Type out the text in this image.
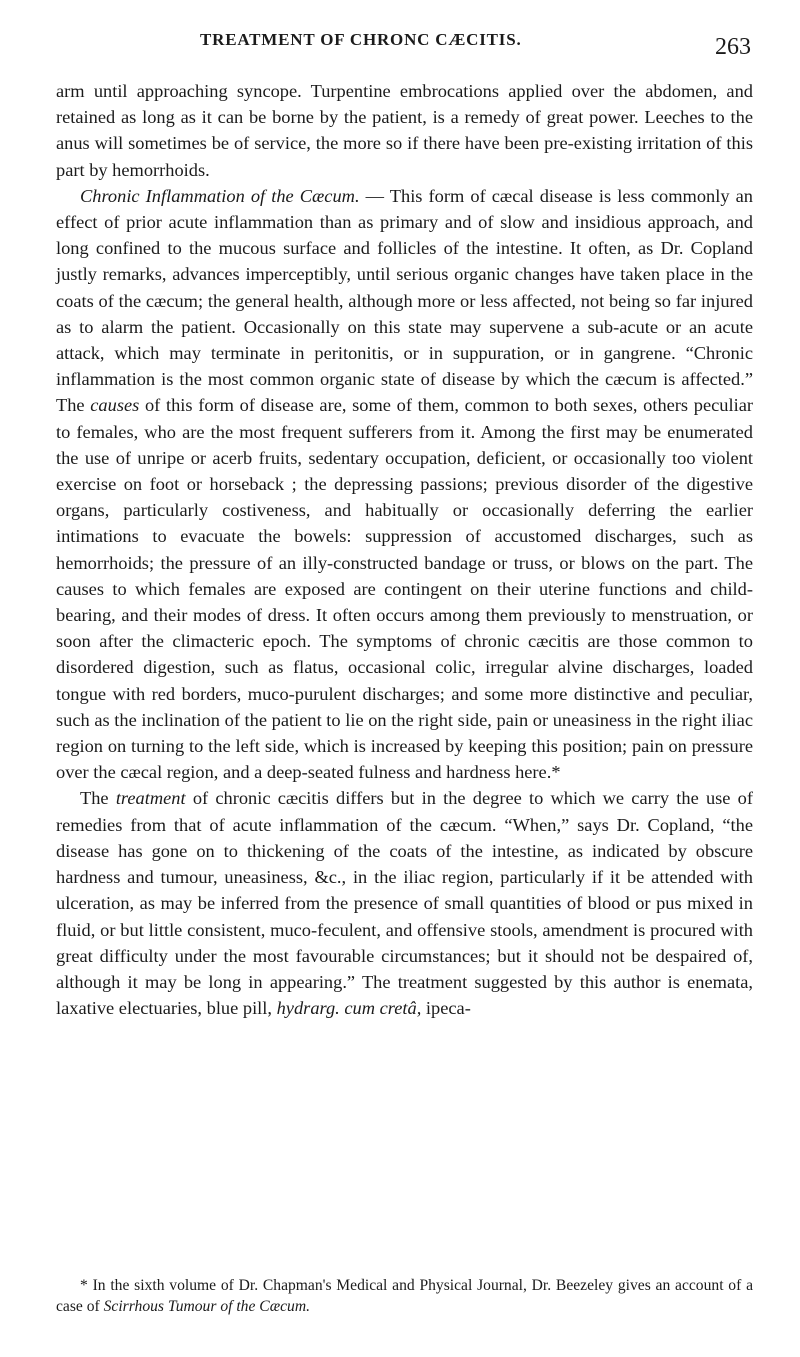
TREATMENT OF CHRONC CÆCITIS.	263

arm until approaching syncope. Turpentine embrocations applied over the abdomen, and retained as long as it can be borne by the patient, is a remedy of great power. Leeches to the anus will sometimes be of service, the more so if there have been pre-existing irritation of this part by hemorrhoids.

Chronic Inflammation of the Cæcum. — This form of cæcal disease is less commonly an effect of prior acute inflammation than as primary and of slow and insidious approach, and long confined to the mucous surface and follicles of the intestine. It often, as Dr. Copland justly remarks, advances imperceptibly, until serious organic changes have taken place in the coats of the cæcum; the general health, although more or less affected, not being so far injured as to alarm the patient. Occasionally on this state may supervene a sub-acute or an acute attack, which may terminate in peritonitis, or in suppuration, or in gangrene. “Chronic inflammation is the most common organic state of disease by which the cæcum is affected.” The causes of this form of disease are, some of them, common to both sexes, others peculiar to females, who are the most frequent sufferers from it. Among the first may be enumerated the use of unripe or acerb fruits, sedentary occupation, deficient, or occasionally too violent exercise on foot or horseback ; the depressing passions; previous disorder of the digestive organs, particularly costiveness, and habitually or occasionally deferring the earlier intimations to evacuate the bowels: suppression of accustomed discharges, such as hemorrhoids; the pressure of an illy-constructed bandage or truss, or blows on the part. The causes to which females are exposed are contingent on their uterine functions and child-bearing, and their modes of dress. It often occurs among them previously to menstruation, or soon after the climacteric epoch. The symptoms of chronic cæcitis are those common to disordered digestion, such as flatus, occasional colic, irregular alvine discharges, loaded tongue with red borders, muco-purulent discharges; and some more distinctive and peculiar, such as the inclination of the patient to lie on the right side, pain or uneasiness in the right iliac region on turning to the left side, which is increased by keeping this position; pain on pressure over the cæcal region, and a deep-seated fulness and hardness here.*

The treatment of chronic cæcitis differs but in the degree to which we carry the use of remedies from that of acute inflammation of the cæcum. “When,” says Dr. Copland, “the disease has gone on to thickening of the coats of the intestine, as indicated by obscure hardness and tumour, uneasiness, &c., in the iliac region, particularly if it be attended with ulceration, as may be inferred from the presence of small quantities of blood or pus mixed in fluid, or but little consistent, muco-feculent, and offensive stools, amendment is procured with great difficulty under the most favourable circumstances; but it should not be despaired of, although it may be long in appearing.” The treatment suggested by this author is enemata, laxative electuaries, blue pill, hydrarg. cum cretâ, ipeca-

* In the sixth volume of Dr. Chapman's Medical and Physical Journal, Dr. Beezeley gives an account of a case of Scirrhous Tumour of the Cæcum.
